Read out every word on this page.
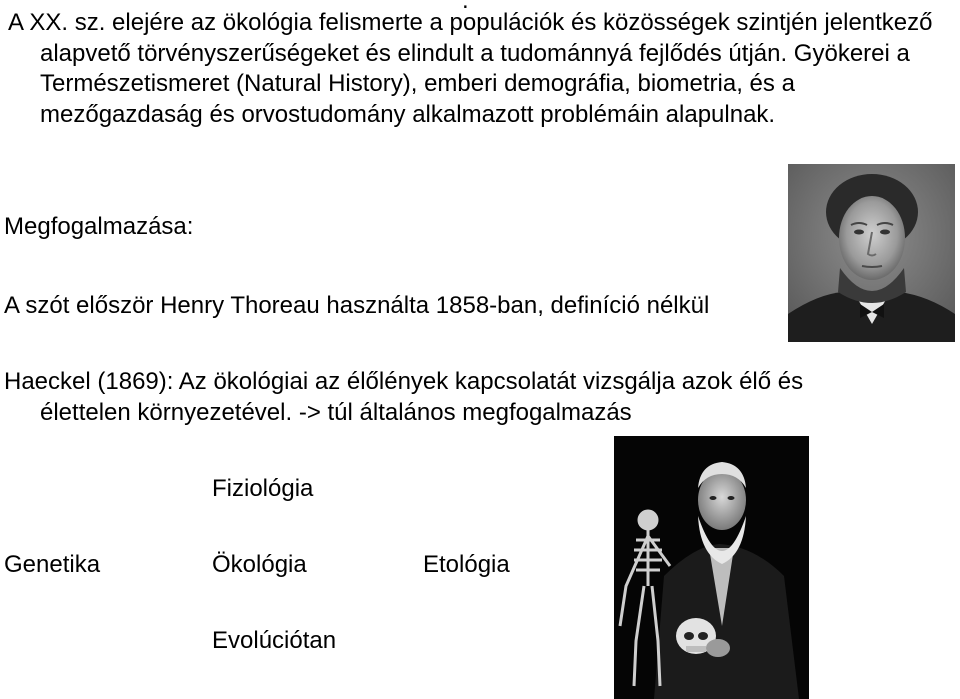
.

A XX. sz. elejére az ökológia felismerte a populációk és közösségek szintjén jelentkező alapvető törvényszerűségeket és elindult a tudománnyá fejlődés útján. Gyökerei a Természetismeret (Natural History), emberi demográfia, biometria, és a mezőgazdaság és orvostudomány alkalmazott problémáin alapulnak.

Megfogalmazása:
A szót először Henry Thoreau használta 1858-ban, definíció nélkül
Haeckel (1869): Az ökológiai az élőlények kapcsolatát vizsgálja azok élő és
élettelen környezetével. -> túl általános megfogalmazás
Fiziológia
Genetika	Ökológia	Etológia
Evolúciótan
